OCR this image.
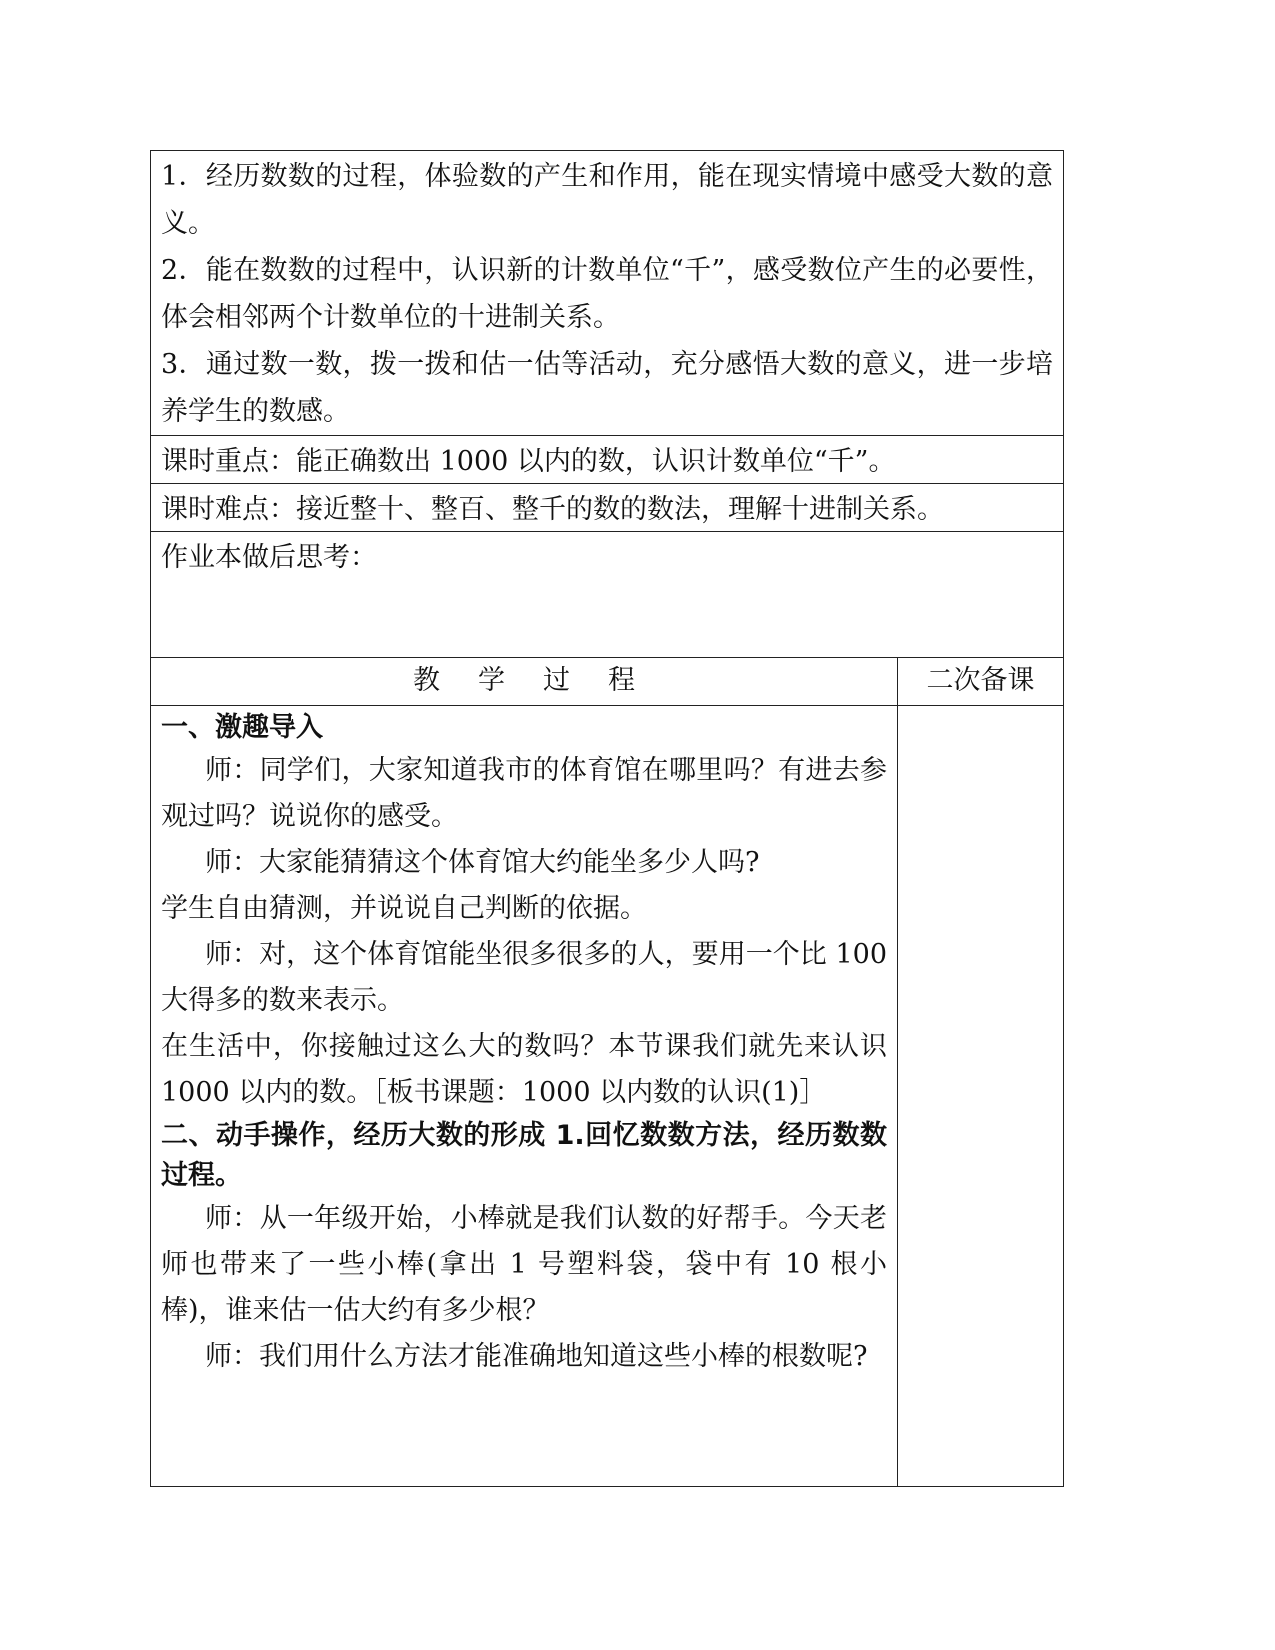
1．经历数数的过程，体验数的产生和作用，能在现实情境中感受大数的意义。

2．能在数数的过程中，认识新的计数单位“千”，感受数位产生的必要性，体会相邻两个计数单位的十进制关系。

3．通过数一数，拨一拨和估一估等活动，充分感悟大数的意义，进一步培养学生的数感。

课时重点：能正确数出 1000 以内的数，认识计数单位“千”。

课时难点：接近整十、整百、整千的数的数法，理解十进制关系。

作业本做后思考：

教学过程	二次备课

一、激趣导入

师：同学们，大家知道我市的体育馆在哪里吗？有进去参观过吗？说说你的感受。

师：大家能猜猜这个体育馆大约能坐多少人吗?

学生自由猜测，并说说自己判断的依据。

师：对，这个体育馆能坐很多很多的人，要用一个比 100 大得多的数来表示。

在生活中，你接触过这么大的数吗？本节课我们就先来认识 1000 以内的数。［板书课题：1000 以内数的认识(1)］

二、动手操作，经历大数的形成 1.回忆数数方法，经历数数过程。

师：从一年级开始，小棒就是我们认数的好帮手。今天老师也带来了一些小棒(拿出 1 号塑料袋，袋中有 10 根小棒)，谁来估一估大约有多少根？

师：我们用什么方法才能准确地知道这些小棒的根数呢?
